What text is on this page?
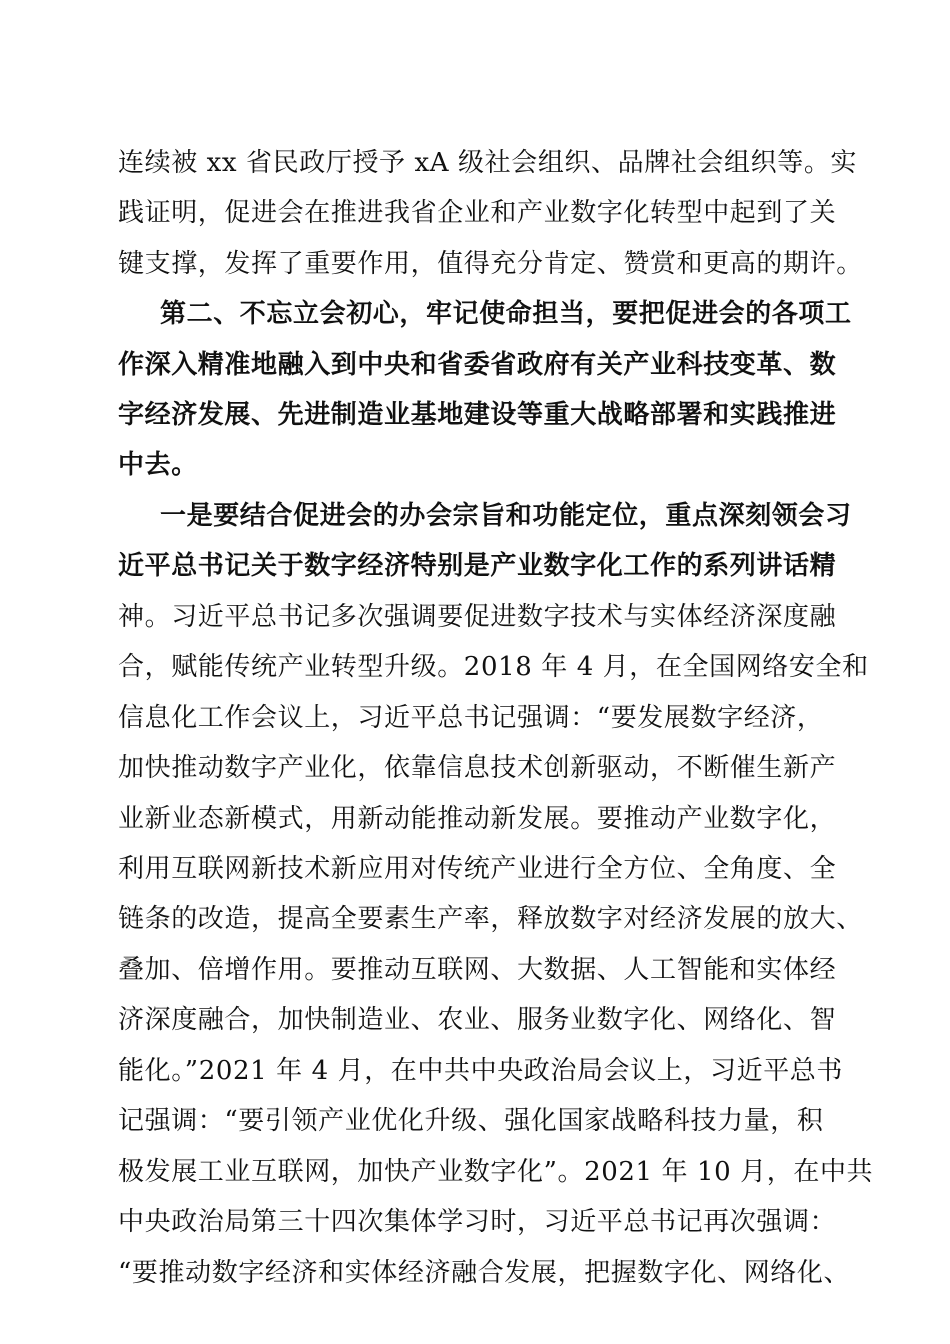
连续被 xx 省民政厅授予 xA 级社会组织、品牌社会组织等。实
践证明，促进会在推进我省企业和产业数字化转型中起到了关
键支撑，发挥了重要作用，值得充分肯定、赞赏和更高的期许。
第二、不忘立会初心，牢记使命担当，要把促进会的各项工
作深入精准地融入到中央和省委省政府有关产业科技变革、数
字经济发展、先进制造业基地建设等重大战略部署和实践推进
中去。
一是要结合促进会的办会宗旨和功能定位，重点深刻领会习
近平总书记关于数字经济特别是产业数字化工作的系列讲话精
神。习近平总书记多次强调要促进数字技术与实体经济深度融
合，赋能传统产业转型升级。2018 年 4 月，在全国网络安全和
信息化工作会议上，习近平总书记强调：“要发展数字经济，
加快推动数字产业化，依靠信息技术创新驱动，不断催生新产
业新业态新模式，用新动能推动新发展。要推动产业数字化，
利用互联网新技术新应用对传统产业进行全方位、全角度、全
链条的改造，提高全要素生产率，释放数字对经济发展的放大、
叠加、倍增作用。要推动互联网、大数据、人工智能和实体经
济深度融合，加快制造业、农业、服务业数字化、网络化、智
能化。”2021 年 4 月，在中共中央政治局会议上，习近平总书
记强调：“要引领产业优化升级、强化国家战略科技力量，积
极发展工业互联网，加快产业数字化”。2021 年 10 月，在中共
中央政治局第三十四次集体学习时，习近平总书记再次强调：
“要推动数字经济和实体经济融合发展，把握数字化、网络化、
